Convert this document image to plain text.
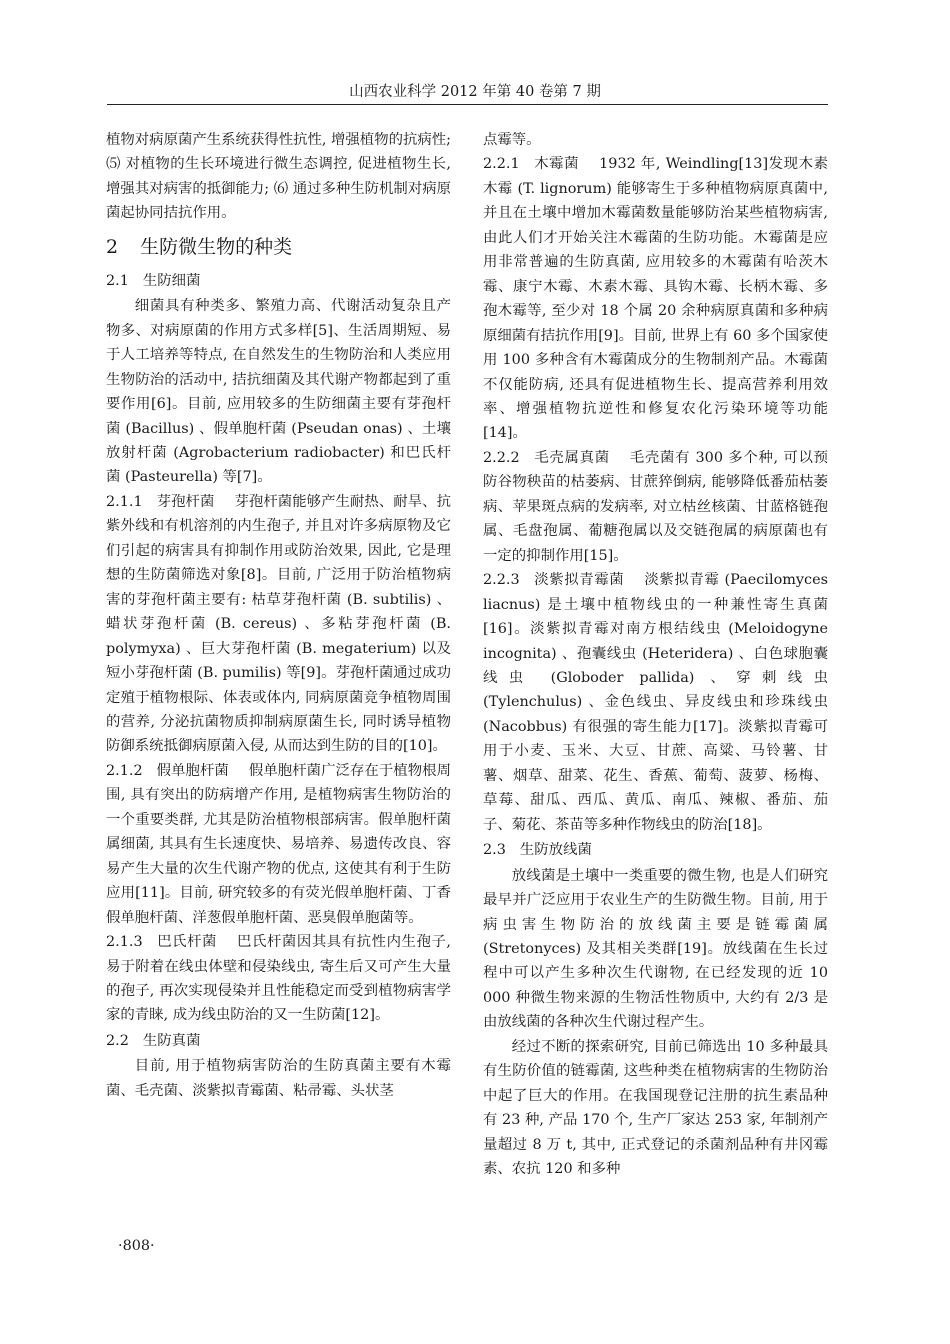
山西农业科学 2012 年第 40 卷第 7 期

植物对病原菌产生系统获得性抗性, 增强植物的抗病性; ⑸ 对植物的生长环境进行微生态调控, 促进植物生长, 增强其对病害的抵御能力; ⑹ 通过多种生防机制对病原菌起协同拮抗作用。

2 生防微生物的种类
2.1 生防细菌

细菌具有种类多、繁殖力高、代谢活动复杂且产物多、对病原菌的作用方式多样[5]、生活周期短、易于人工培养等特点, 在自然发生的生物防治和人类应用生物防治的活动中, 拮抗细菌及其代谢产物都起到了重要作用[6]。目前, 应用较多的生防细菌主要有芽孢杆菌 (Bacillus) 、假单胞杆菌 (Pseudan onas) 、土壤放射杆菌 (Agrobacterium radiobacter) 和巴氏杆菌 (Pasteurella) 等[7]。

2.1.1 芽孢杆菌 芽孢杆菌能够产生耐热、耐旱、抗紫外线和有机溶剂的内生孢子, 并且对许多病原物及它们引起的病害具有抑制作用或防治效果, 因此, 它是理想的生防菌筛选对象[8]。目前, 广泛用于防治植物病害的芽孢杆菌主要有: 枯草芽孢杆菌 (B. subtilis) 、蜡状芽孢杆菌 (B. cereus) 、多粘芽孢杆菌 (B. polymyxa) 、巨大芽孢杆菌 (B. megaterium) 以及短小芽孢杆菌 (B. pumilis) 等[9]。芽孢杆菌通过成功定殖于植物根际、体表或体内, 同病原菌竞争植物周围的营养, 分泌抗菌物质抑制病原菌生长, 同时诱导植物防御系统抵御病原菌入侵, 从而达到生防的目的[10]。

2.1.2 假单胞杆菌 假单胞杆菌广泛存在于植物根周围, 具有突出的防病增产作用, 是植物病害生物防治的一个重要类群, 尤其是防治植物根部病害。假单胞杆菌属细菌, 其具有生长速度快、易培养、易遗传改良、容易产生大量的次生代谢产物的优点, 这使其有利于生防应用[11]。目前, 研究较多的有荧光假单胞杆菌、丁香假单胞杆菌、洋葱假单胞杆菌、恶臭假单胞菌等。

2.1.3 巴氏杆菌 巴氏杆菌因其具有抗性内生孢子, 易于附着在线虫体壁和侵染线虫, 寄生后又可产生大量的孢子, 再次实现侵染并且性能稳定而受到植物病害学家的青睐, 成为线虫防治的又一生防菌[12]。

2.2 生防真菌

目前, 用于植物病害防治的生防真菌主要有木霉菌、毛壳菌、淡紫拟青霉菌、粘帚霉、头状茎

点霉等。

2.2.1 木霉菌 1932 年, Weindling[13]发现木素木霉 (T. lignorum) 能够寄生于多种植物病原真菌中, 并且在土壤中增加木霉菌数量能够防治某些植物病害, 由此人们才开始关注木霉菌的生防功能。木霉菌是应用非常普遍的生防真菌, 应用较多的木霉菌有哈茨木霉、康宁木霉、木素木霉、具钩木霉、长柄木霉、多孢木霉等, 至少对 18 个属 20 余种病原真菌和多种病原细菌有拮抗作用[9]。目前, 世界上有 60 多个国家使用 100 多种含有木霉菌成分的生物制剂产品。木霉菌不仅能防病, 还具有促进植物生长、提高营养利用效率、增强植物抗逆性和修复农化污染环境等功能[14]。

2.2.2 毛壳属真菌 毛壳菌有 300 多个种, 可以预防谷物秧苗的枯萎病、甘蔗猝倒病, 能够降低番茄枯萎病、苹果斑点病的发病率, 对立枯丝核菌、甘蓝格链孢属、毛盘孢属、葡糖孢属以及交链孢属的病原菌也有一定的抑制作用[15]。

2.2.3 淡紫拟青霉菌 淡紫拟青霉 (Paecilomyces liacnus) 是土壤中植物线虫的一种兼性寄生真菌[16]。淡紫拟青霉对南方根结线虫 (Meloidogyne incognita) 、孢囊线虫 (Heteridera) 、白色球胞囊线虫 (Globoder pallida) 、穿刺线虫 (Tylenchulus) 、金色线虫、异皮线虫和珍珠线虫 (Nacobbus) 有很强的寄生能力[17]。淡紫拟青霉可用于小麦、玉米、大豆、甘蔗、高粱、马铃薯、甘薯、烟草、甜菜、花生、香蕉、葡萄、菠萝、杨梅、草莓、甜瓜、西瓜、黄瓜、南瓜、辣椒、番茄、茄子、菊花、茶苗等多种作物线虫的防治[18]。

2.3 生防放线菌

放线菌是土壤中一类重要的微生物, 也是人们研究最早并广泛应用于农业生产的生防微生物。目前, 用于病虫害生物防治的放线菌主要是链霉菌属 (Stretonyces) 及其相关类群[19]。放线菌在生长过程中可以产生多种次生代谢物, 在已经发现的近 10 000 种微生物来源的生物活性物质中, 大约有 2/3 是由放线菌的各种次生代谢过程产生。

经过不断的探索研究, 目前已筛选出 10 多种最具有生防价值的链霉菌, 这些种类在植物病害的生物防治中起了巨大的作用。在我国现登记注册的抗生素品种有 23 种, 产品 170 个, 生产厂家达 253 家, 年制剂产量超过 8 万 t, 其中, 正式登记的杀菌剂品种有井冈霉素、农抗 120 和多种

·808·
